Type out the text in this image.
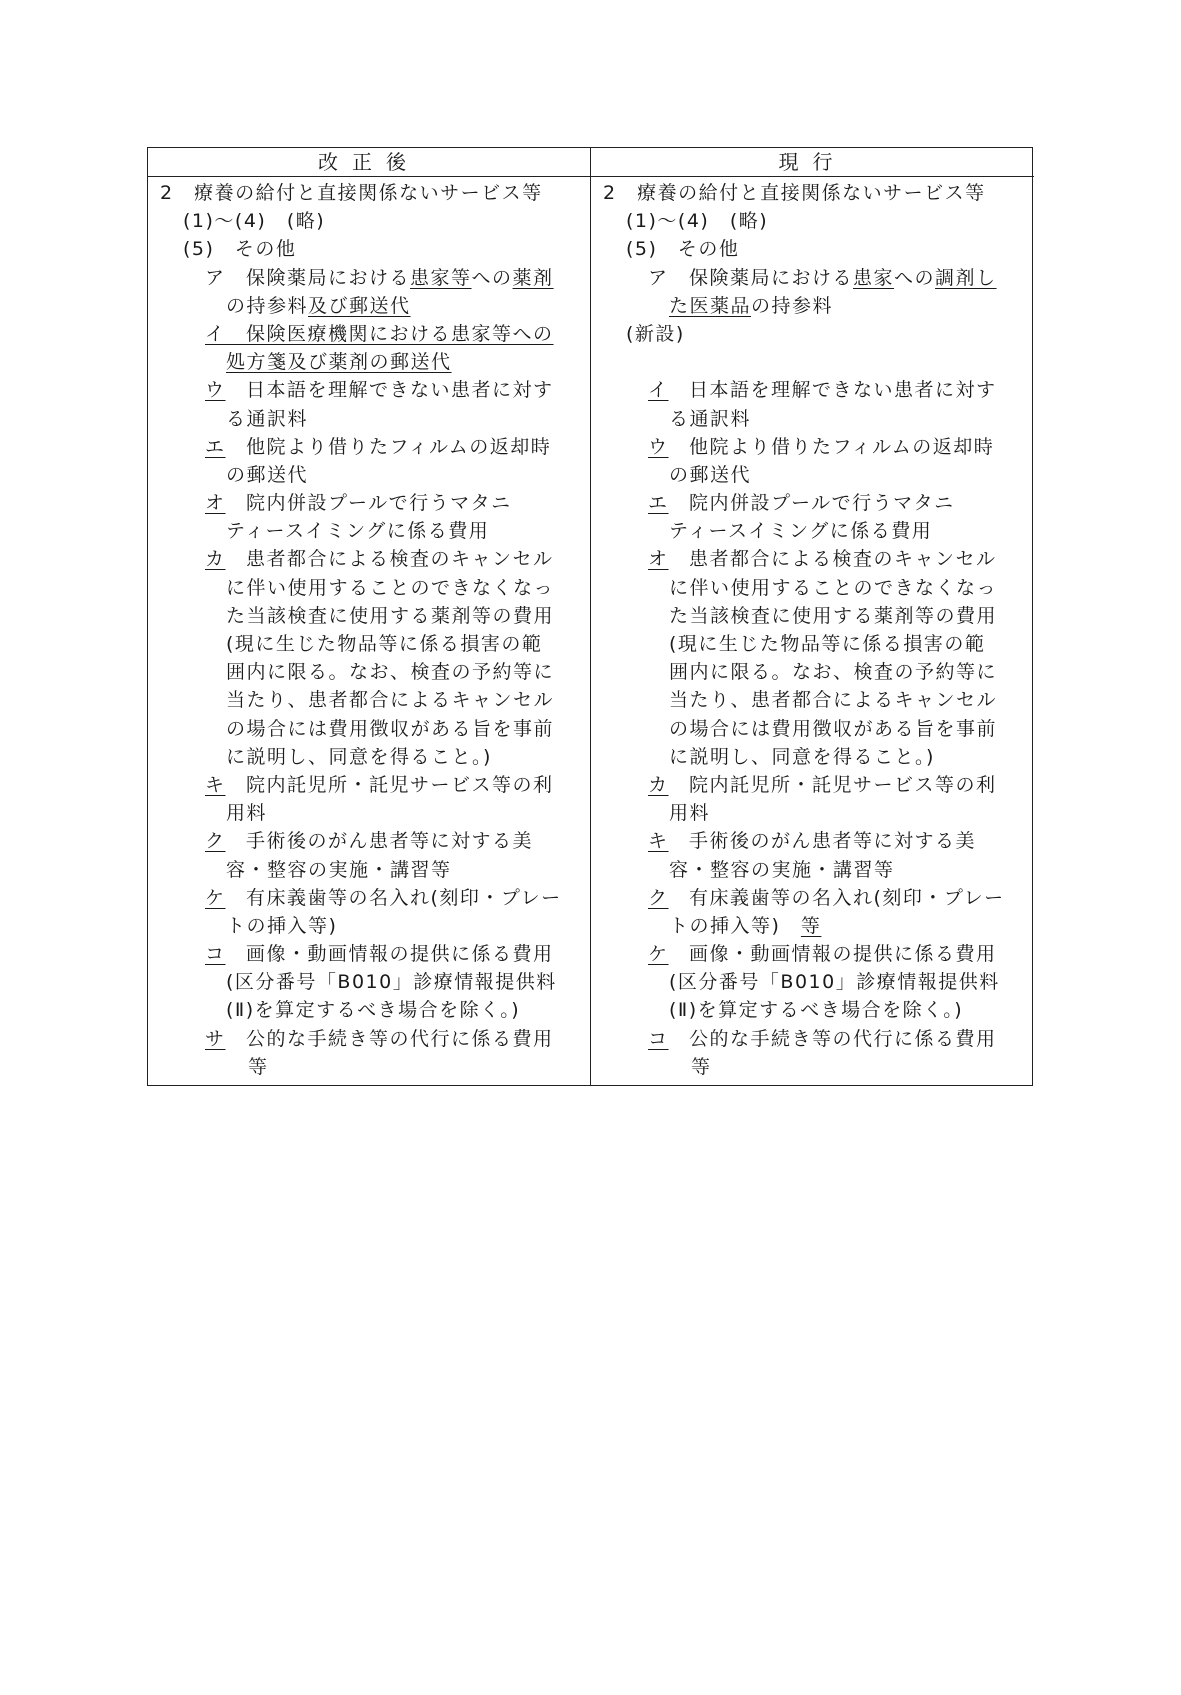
改正後	現行
2　療養の給付と直接関係ないサービス等
(1)〜(4)　(略)
(5)　その他
ア　保険薬局における患家等への薬剤
の持参料及び郵送代
イ　保険医療機関における患家等への
処方箋及び薬剤の郵送代
ウ　日本語を理解できない患者に対す
る通訳料
エ　他院より借りたフィルムの返却時
の郵送代
オ　院内併設プールで行うマタニ
ティースイミングに係る費用
カ　患者都合による検査のキャンセル
に伴い使用することのできなくなっ
た当該検査に使用する薬剤等の費用
(現に生じた物品等に係る損害の範
囲内に限る。なお、検査の予約等に
当たり、患者都合によるキャンセル
の場合には費用徴収がある旨を事前
に説明し、同意を得ること。)
キ　院内託児所・託児サービス等の利
用料
ク　手術後のがん患者等に対する美
容・整容の実施・講習等
ケ　有床義歯等の名入れ(刻印・プレー
トの挿入等)
コ　画像・動画情報の提供に係る費用
(区分番号「B010」診療情報提供料
(Ⅱ)を算定するべき場合を除く。)
サ　公的な手続き等の代行に係る費用
等
2　療養の給付と直接関係ないサービス等
(1)〜(4)　(略)
(5)　その他
ア　保険薬局における患家への調剤し
た医薬品の持参料
(新設)
イ　日本語を理解できない患者に対す
る通訳料
ウ　他院より借りたフィルムの返却時
の郵送代
エ　院内併設プールで行うマタニ
ティースイミングに係る費用
オ　患者都合による検査のキャンセル
に伴い使用することのできなくなっ
た当該検査に使用する薬剤等の費用
(現に生じた物品等に係る損害の範
囲内に限る。なお、検査の予約等に
当たり、患者都合によるキャンセル
の場合には費用徴収がある旨を事前
に説明し、同意を得ること。)
カ　院内託児所・託児サービス等の利
用料
キ　手術後のがん患者等に対する美
容・整容の実施・講習等
ク　有床義歯等の名入れ(刻印・プレー
トの挿入等)　等
ケ　画像・動画情報の提供に係る費用
(区分番号「B010」診療情報提供料
(Ⅱ)を算定するべき場合を除く。)
コ　公的な手続き等の代行に係る費用
等
